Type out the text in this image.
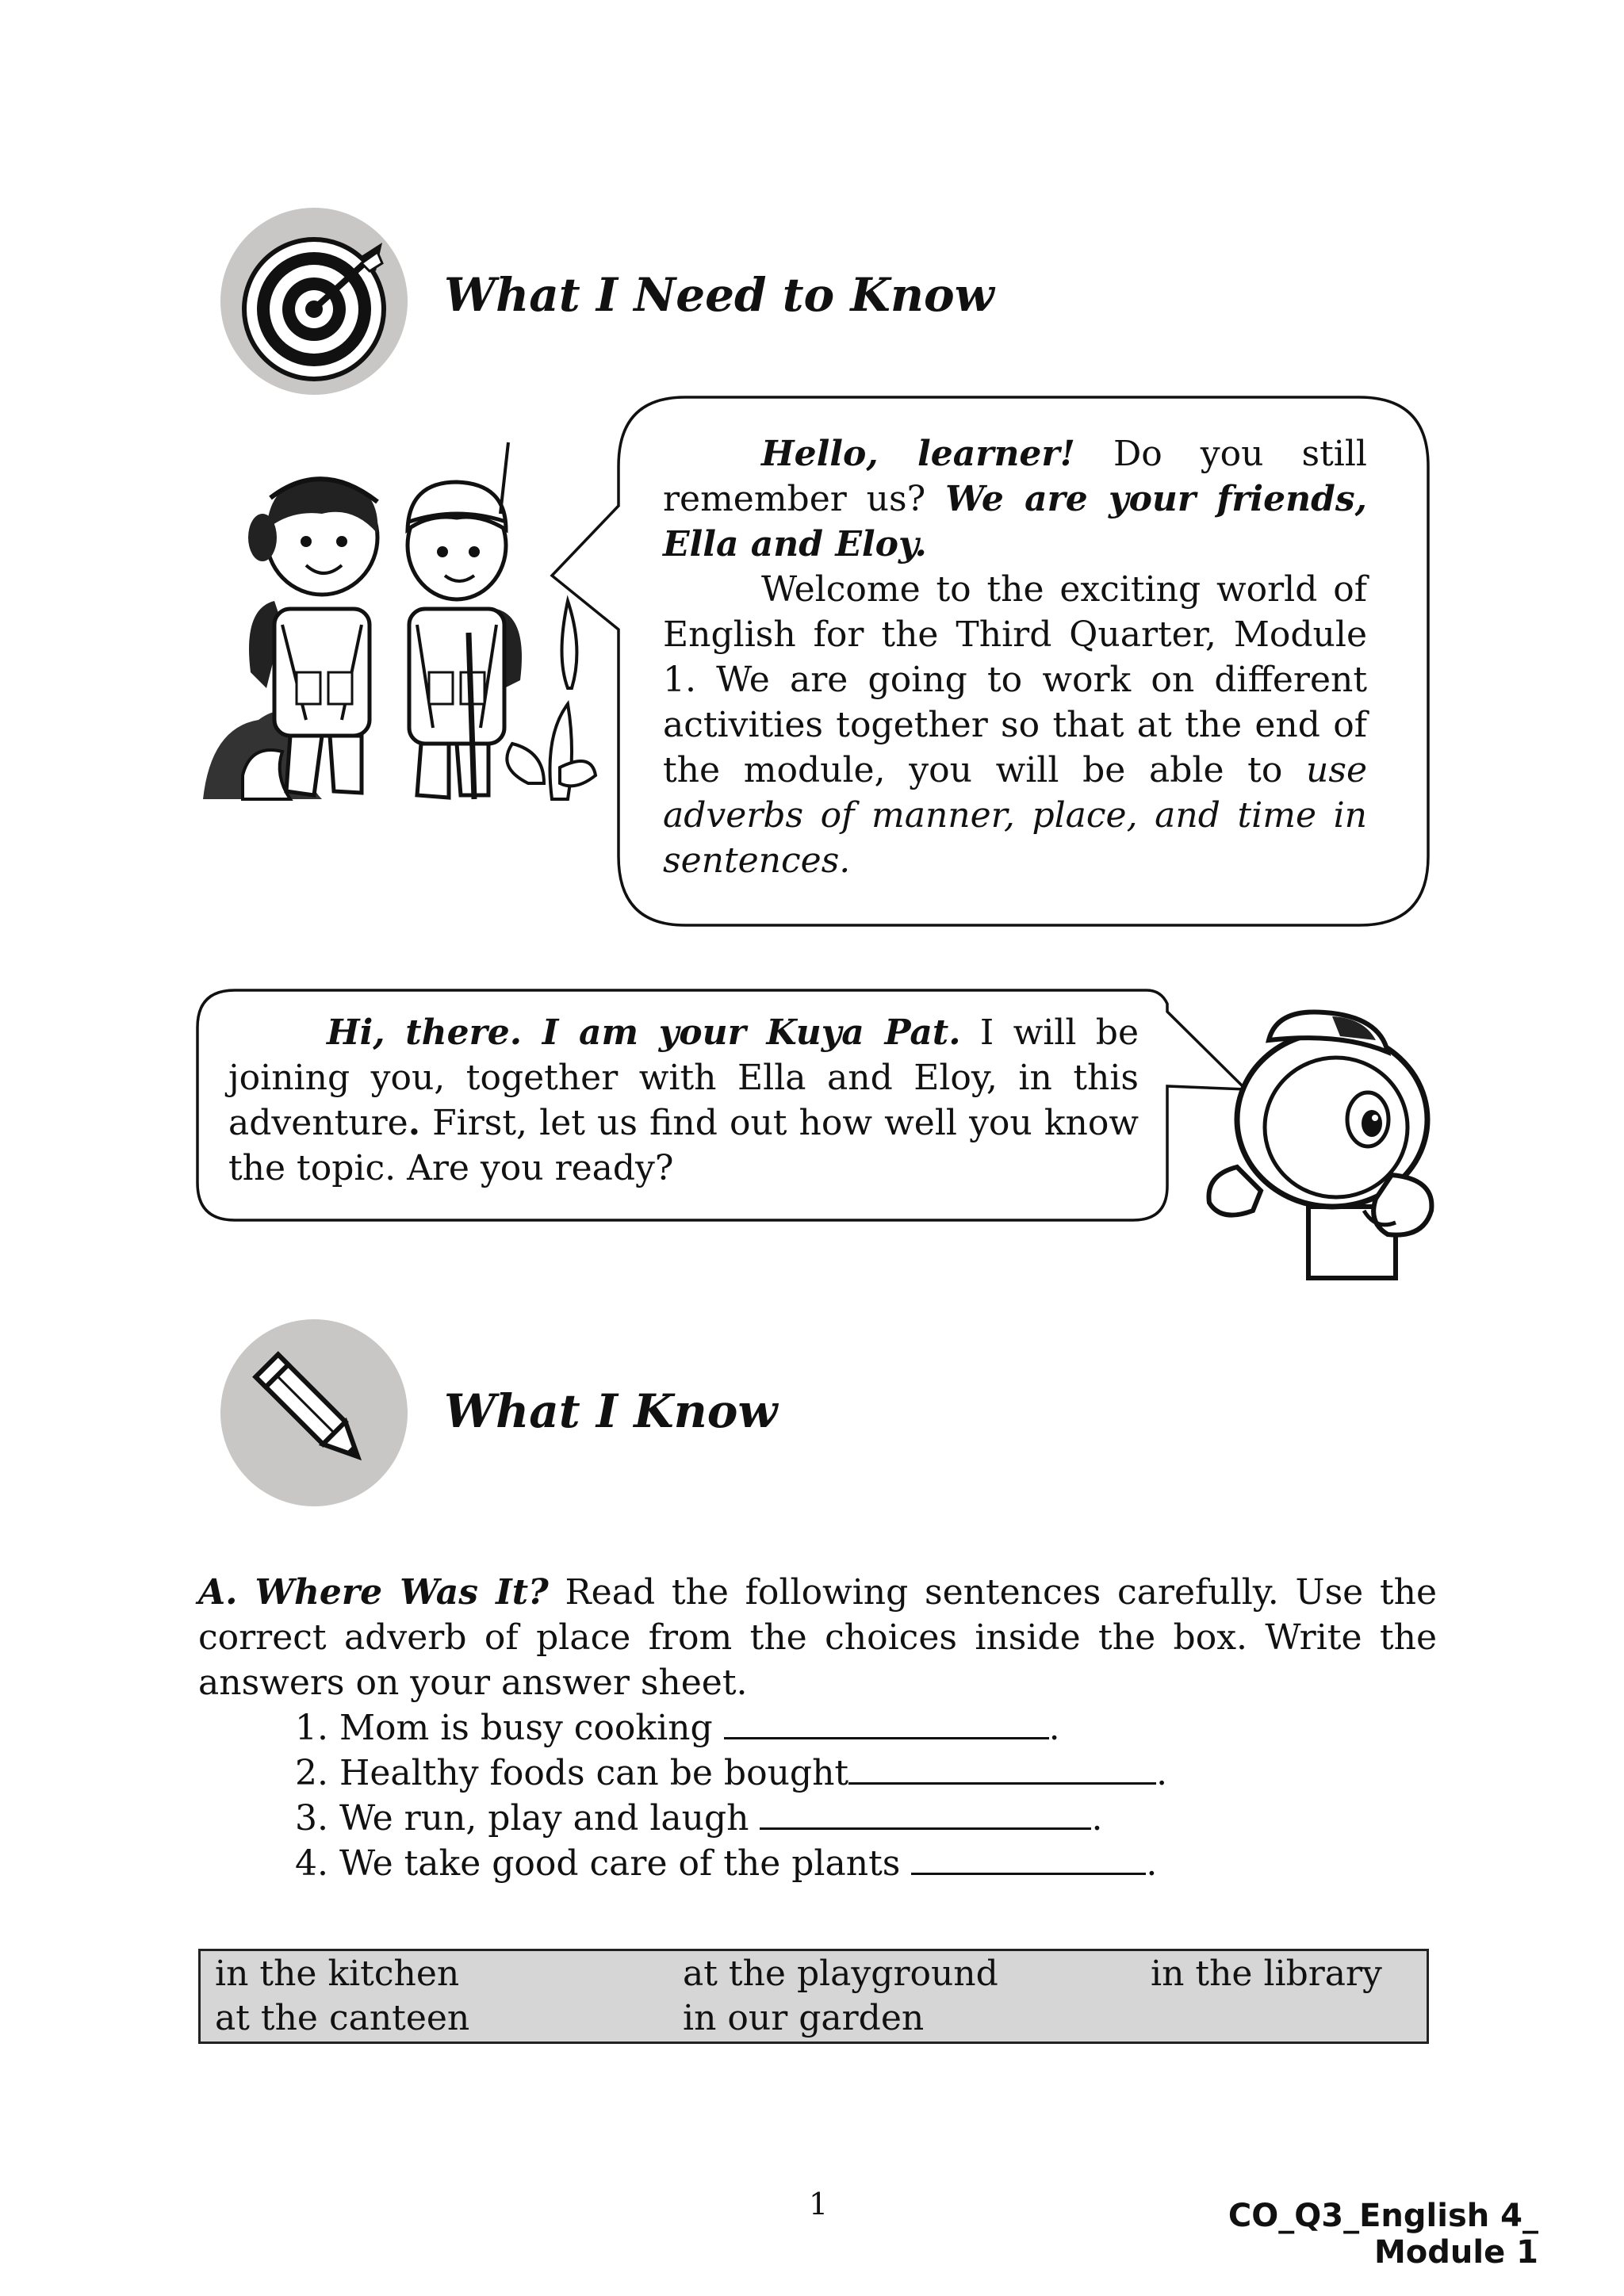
What I Need to Know

Hello, learner! Do you still remember us? We are your friends, Ella and Eloy.

Welcome to the exciting world of English for the Third Quarter, Module 1. We are going to work on different activities together so that at the end of the module, you will be able to use adverbs of manner, place, and time in sentences.

Hi, there. I am your Kuya Pat. I will be joining you, together with Ella and Eloy, in this adventure. First, let us find out how well you know the topic. Are you ready?

What I Know
A. Where Was It? Read the following sentences carefully. Use the correct adverb of place from the choices inside the box. Write the answers on your answer sheet.
1. Mom is busy cooking	.
2. Healthy foods can be bought	.
3. We run, play and laugh	.
4. We take good care of the plants	.
in the kitchen	at the playground	in the library
at the canteen	in our garden
1	CO_Q3_English 4_ Module 1
